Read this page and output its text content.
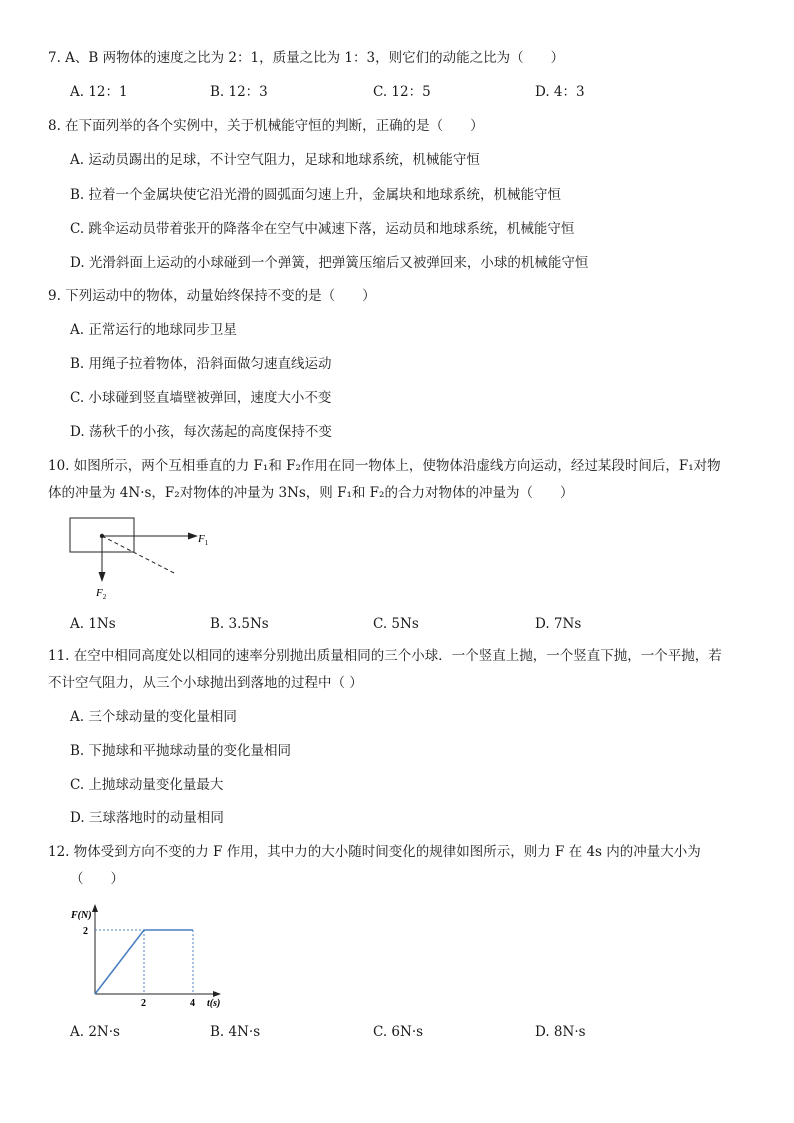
7. A、B 两物体的速度之比为 2：1，质量之比为 1：3，则它们的动能之比为（　　）
A. 12：1	B. 12：3	C. 12：5	D. 4：3
8. 在下面列举的各个实例中，关于机械能守恒的判断，正确的是（　　）
A. 运动员踢出的足球，不计空气阻力，足球和地球系统，机械能守恒
B. 拉着一个金属块使它沿光滑的圆弧面匀速上升，金属块和地球系统，机械能守恒
C. 跳伞运动员带着张开的降落伞在空气中减速下落，运动员和地球系统，机械能守恒
D. 光滑斜面上运动的小球碰到一个弹簧，把弹簧压缩后又被弹回来，小球的机械能守恒
9. 下列运动中的物体，动量始终保持不变的是（　　）
A. 正常运行的地球同步卫星
B. 用绳子拉着物体，沿斜面做匀速直线运动
C. 小球碰到竖直墙壁被弹回，速度大小不变
D. 荡秋千的小孩，每次荡起的高度保持不变
10. 如图所示，两个互相垂直的力 F₁和 F₂作用在同一物体上，使物体沿虚线方向运动，经过某段时间后，F₁对物
体的冲量为 4N·s，F₂对物体的冲量为 3Ns，则 F₁和 F₂的合力对物体的冲量为（　　）
$F_1$
$F_2$
A. 1Ns	B. 3.5Ns	C. 5Ns	D. 7Ns
11. 在空中相同高度处以相同的速率分别抛出质量相同的三个小球．一个竖直上抛，一个竖直下抛，一个平抛，若
不计空气阻力，从三个小球抛出到落地的过程中（ ）
A. 三个球动量的变化量相同
B. 下抛球和平抛球动量的变化量相同
C. 上抛球动量变化量最大
D. 三球落地时的动量相同
12. 物体受到方向不变的力 F 作用，其中力的大小随时间变化的规律如图所示，则力 F 在 4s 内的冲量大小为
（　　）
F(N)
t(s)
2	4
2
A. 2N·s	B. 4N·s	C. 6N·s	D. 8N·s
